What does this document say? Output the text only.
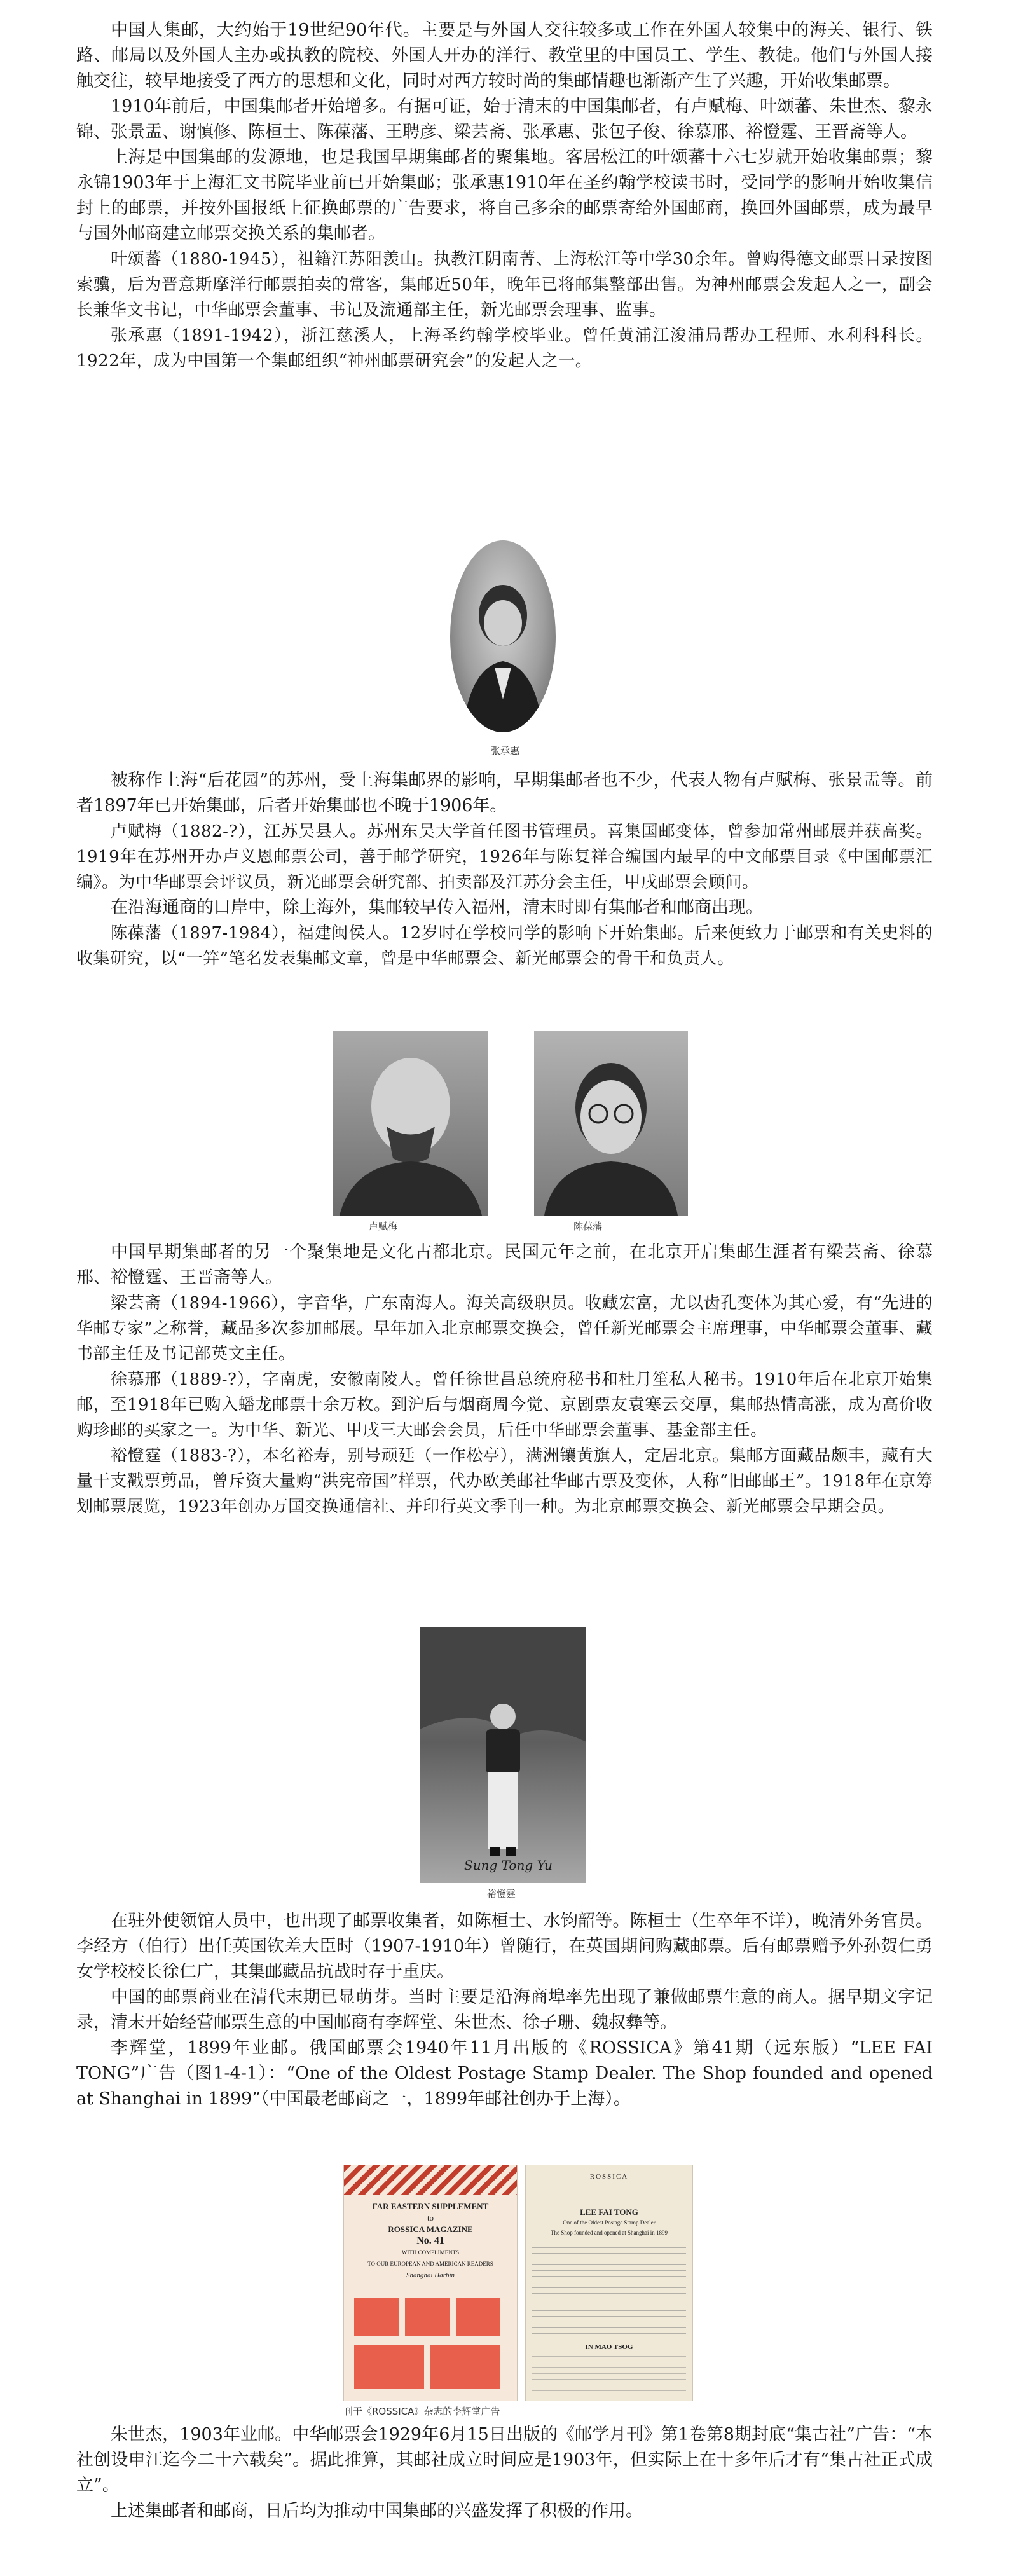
中国人集邮，大约始于19世纪90年代。主要是与外国人交往较多或工作在外国人较集中的海关、银行、铁路、邮局以及外国人主办或执教的院校、外国人开办的洋行、教堂里的中国员工、学生、教徒。他们与外国人接触交往，较早地接受了西方的思想和文化，同时对西方较时尚的集邮情趣也渐渐产生了兴趣，开始收集邮票。

1910年前后，中国集邮者开始增多。有据可证，始于清末的中国集邮者，有卢赋梅、叶颂蕃、朱世杰、黎永锦、张景盂、谢慎修、陈桓士、陈葆藩、王聘彦、梁芸斋、张承惠、张包子俊、徐慕邢、裕憕霆、王晋斋等人。

上海是中国集邮的发源地，也是我国早期集邮者的聚集地。客居松江的叶颂蕃十六七岁就开始收集邮票；黎永锦1903年于上海汇文书院毕业前已开始集邮；张承惠1910年在圣约翰学校读书时，受同学的影响开始收集信封上的邮票，并按外国报纸上征换邮票的广告要求，将自己多余的邮票寄给外国邮商，换回外国邮票，成为最早与国外邮商建立邮票交换关系的集邮者。

叶颂蕃（1880-1945），祖籍江苏阳羡山。执教江阴南菁、上海松江等中学30余年。曾购得德文邮票目录按图索骥，后为晋意斯摩洋行邮票拍卖的常客，集邮近50年，晚年已将邮集整部出售。为神州邮票会发起人之一，副会长兼华文书记，中华邮票会董事、书记及流通部主任，新光邮票会理事、监事。

张承惠（1891-1942），浙江慈溪人，上海圣约翰学校毕业。曾任黄浦江浚浦局帮办工程师、水利科科长。1922年，成为中国第一个集邮组织“神州邮票研究会”的发起人之一。

张承惠

被称作上海“后花园”的苏州，受上海集邮界的影响，早期集邮者也不少，代表人物有卢赋梅、张景盂等。前者1897年已开始集邮，后者开始集邮也不晚于1906年。

卢赋梅（1882-?），江苏吴县人。苏州东吴大学首任图书管理员。喜集国邮变体，曾参加常州邮展并获高奖。1919年在苏州开办卢义恩邮票公司，善于邮学研究，1926年与陈复祥合编国内最早的中文邮票目录《中国邮票汇编》。为中华邮票会评议员，新光邮票会研究部、拍卖部及江苏分会主任，甲戌邮票会顾问。

在沿海通商的口岸中，除上海外，集邮较早传入福州，清末时即有集邮者和邮商出现。

陈葆藩（1897-1984），福建闽侯人。12岁时在学校同学的影响下开始集邮。后来便致力于邮票和有关史料的收集研究，以“一笄”笔名发表集邮文章，曾是中华邮票会、新光邮票会的骨干和负责人。

卢赋梅	陈葆藩

中国早期集邮者的另一个聚集地是文化古都北京。民国元年之前，在北京开启集邮生涯者有梁芸斋、徐慕邢、裕憕霆、王晋斋等人。

梁芸斋（1894-1966），字音华，广东南海人。海关高级职员。收藏宏富，尤以齿孔变体为其心爱，有“先进的华邮专家”之称誉，藏品多次参加邮展。早年加入北京邮票交换会，曾任新光邮票会主席理事，中华邮票会董事、藏书部主任及书记部英文主任。

徐慕邢（1889-?），字南虎，安徽南陵人。曾任徐世昌总统府秘书和杜月笙私人秘书。1910年后在北京开始集邮，至1918年已购入蟠龙邮票十余万枚。到沪后与烟商周今觉、京剧票友袁寒云交厚，集邮热情高涨，成为高价收购珍邮的买家之一。为中华、新光、甲戌三大邮会会员，后任中华邮票会董事、基金部主任。

裕憕霆（1883-?），本名裕寿，别号顽廷（一作松亭），满洲镶黄旗人，定居北京。集邮方面藏品颇丰，藏有大量干支戳票剪品，曾斥资大量购“洪宪帝国”样票，代办欧美邮社华邮古票及变体，人称“旧邮邮王”。1918年在京筹划邮票展览，1923年创办万国交换通信社、并印行英文季刊一种。为北京邮票交换会、新光邮票会早期会员。

Sung Tong Yu
裕憕霆

在驻外使领馆人员中，也出现了邮票收集者，如陈桓士、水钧韶等。陈桓士（生卒年不详），晚清外务官员。李经方（伯行）出任英国钦差大臣时（1907-1910年）曾随行，在英国期间购藏邮票。后有邮票赠予外孙贺仁勇女学校校长徐仁广，其集邮藏品抗战时存于重庆。

中国的邮票商业在清代末期已显萌芽。当时主要是沿海商埠率先出现了兼做邮票生意的商人。据早期文字记录，清末开始经营邮票生意的中国邮商有李辉堂、朱世杰、徐子珊、魏叔彝等。

李辉堂，1899年业邮。俄国邮票会1940年11月出版的《ROSSICA》第41期（远东版）“LEE FAI TONG”广告（图1-4-1）：“One of the Oldest Postage Stamp Dealer. The Shop founded and opened at Shanghai in 1899”（中国最老邮商之一，1899年邮社创办于上海）。

FAR EASTERN SUPPLEMENT
to
ROSSICA MAGAZINE
No. 41
WITH COMPLIMENTS
TO OUR EUROPEAN AND AMERICAN READERS
Shanghai Harbin
ROSSICA
LEE FAI TONG
One of the Oldest Postage Stamp Dealer
The Shop founded and opened at Shanghai in 1899
IN MAO TSOG
刊于《ROSSICA》杂志的李辉堂广告

朱世杰，1903年业邮。中华邮票会1929年6月15日出版的《邮学月刊》第1卷第8期封底“集古社”广告：“本社创设申江迄今二十六载矣”。据此推算，其邮社成立时间应是1903年，但实际上在十多年后才有“集古社正式成立”。

上述集邮者和邮商，日后均为推动中国集邮的兴盛发挥了积极的作用。
